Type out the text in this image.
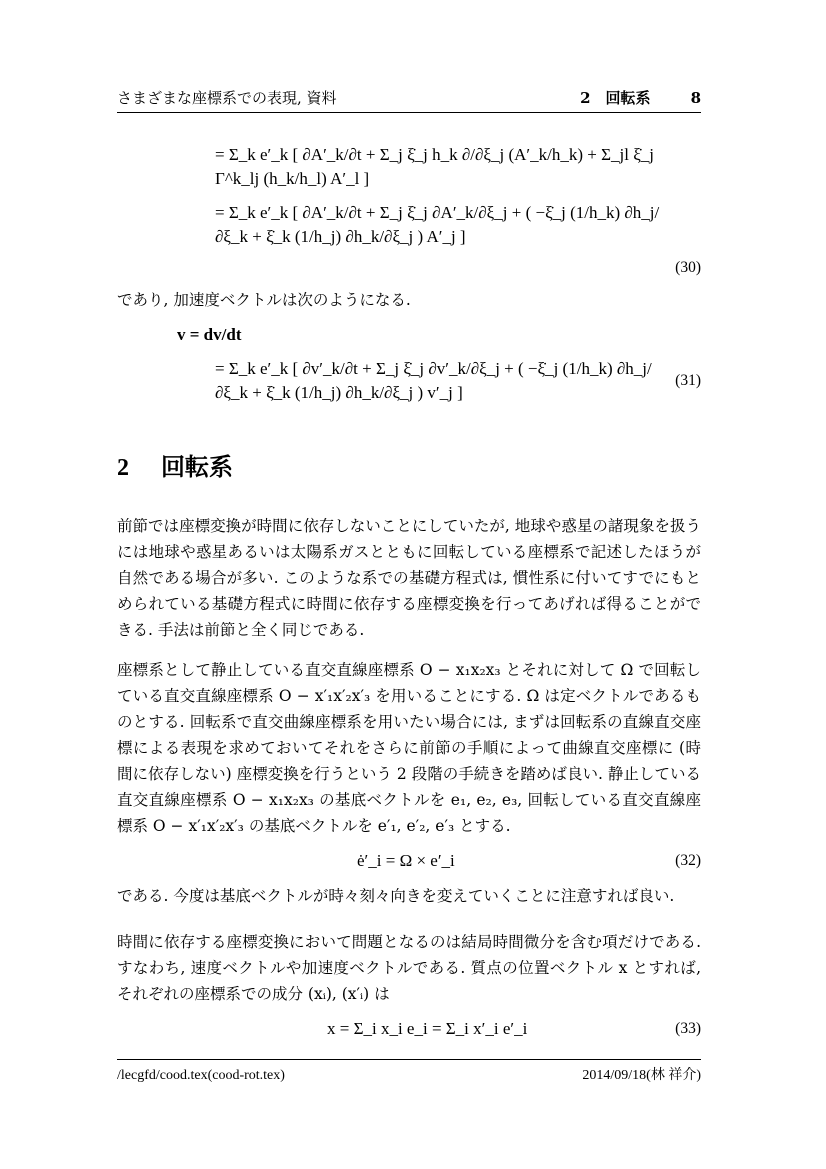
さまざまな座標系での表現, 資料	2　回転系	8
= Σ_k e′_k [ ∂A′_k/∂t + Σ_j ξ̇_j h_k ∂/∂ξ_j (A′_k/h_k) + Σ_jl ξ̇_j Γ^k_lj (h_k/h_l) A′_l ]
= Σ_k e′_k [ ∂A′_k/∂t + Σ_j ξ̇_j ∂A′_k/∂ξ_j + ( −ξ̇_j (1/h_k) ∂h_j/∂ξ_k + ξ̇_k (1/h_j) ∂h_k/∂ξ_j ) A′_j ]
(30)

であり, 加速度ベクトルは次のようになる.

v = dv/dt
= Σ_k e′_k [ ∂v′_k/∂t + Σ_j ξ̇_j ∂v′_k/∂ξ_j + ( −ξ̇_j (1/h_k) ∂h_j/∂ξ_k + ξ̇_k (1/h_j) ∂h_k/∂ξ_j ) v′_j ]
(31)
2 回転系

前節では座標変換が時間に依存しないことにしていたが, 地球や惑星の諸現象を扱うには地球や惑星あるいは太陽系ガスとともに回転している座標系で記述したほうが自然である場合が多い. このような系での基礎方程式は, 慣性系に付いてすでにもとめられている基礎方程式に時間に依存する座標変換を行ってあげれば得ることができる. 手法は前節と全く同じである.

座標系として静止している直交直線座標系 O − x₁x₂x₃ とそれに対して Ω で回転している直交直線座標系 O − x′₁x′₂x′₃ を用いることにする. Ω は定ベクトルであるものとする. 回転系で直交曲線座標系を用いたい場合には, まずは回転系の直線直交座標による表現を求めておいてそれをさらに前節の手順によって曲線直交座標に (時間に依存しない) 座標変換を行うという 2 段階の手続きを踏めば良い. 静止している直交直線座標系 O − x₁x₂x₃ の基底ベクトルを e₁, e₂, e₃, 回転している直交直線座標系 O − x′₁x′₂x′₃ の基底ベクトルを e′₁, e′₂, e′₃ とする.

ė′_i = Ω × e′_i	(32)

である. 今度は基底ベクトルが時々刻々向きを変えていくことに注意すれば良い.

時間に依存する座標変換において問題となるのは結局時間微分を含む項だけである. すなわち, 速度ベクトルや加速度ベクトルである. 質点の位置ベクトル x とすれば, それぞれの座標系での成分 (xᵢ), (x′ᵢ) は

x = Σ_i x_i e_i = Σ_i x′_i e′_i	(33)
/lecgfd/cood.tex(cood-rot.tex)	2014/09/18(林 祥介)
